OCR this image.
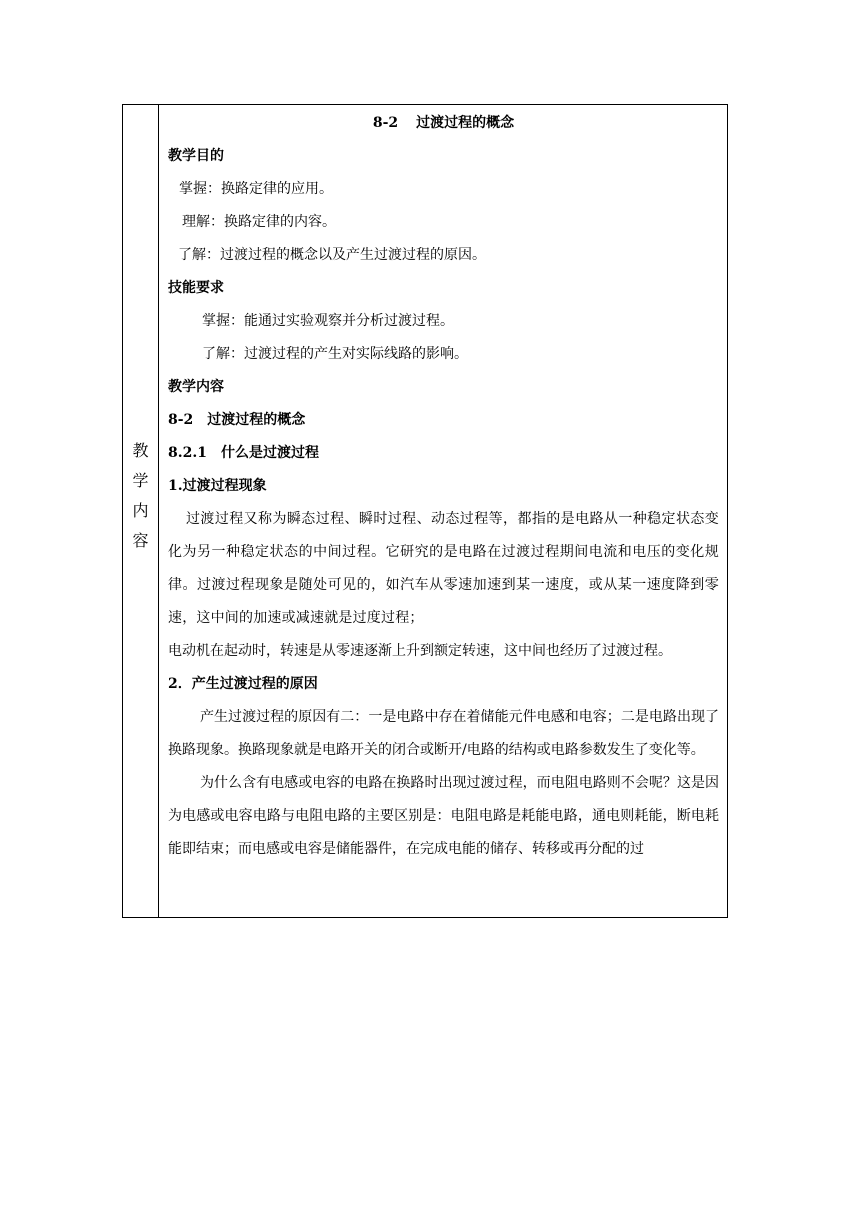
教
学
内
容
8-2 过渡过程的概念
教学目的
掌握：换路定律的应用。
理解：换路定律的内容。
了解：过渡过程的概念以及产生过渡过程的原因。
技能要求
掌握：能通过实验观察并分析过渡过程。
了解：过渡过程的产生对实际线路的影响。
教学内容
8-2 过渡过程的概念
8.2.1 什么是过渡过程
1.过渡过程现象
过渡过程又称为瞬态过程、瞬时过程、动态过程等，都指的是电路从一种稳定状态变化为另一种稳定状态的中间过程。它研究的是电路在过渡过程期间电流和电压的变化规律。过渡过程现象是随处可见的，如汽车从零速加速到某一速度，或从某一速度降到零速，这中间的加速或减速就是过度过程；
电动机在起动时，转速是从零速逐渐上升到额定转速，这中间也经历了过渡过程。
2．产生过渡过程的原因
产生过渡过程的原因有二：一是电路中存在着储能元件电感和电容；二是电路出现了换路现象。换路现象就是电路开关的闭合或断开/电路的结构或电路参数发生了变化等。
为什么含有电感或电容的电路在换路时出现过渡过程，而电阻电路则不会呢？这是因为电感或电容电路与电阻电路的主要区别是：电阻电路是耗能电路，通电则耗能，断电耗能即结束；而电感或电容是储能器件，在完成电能的储存、转移或再分配的过
